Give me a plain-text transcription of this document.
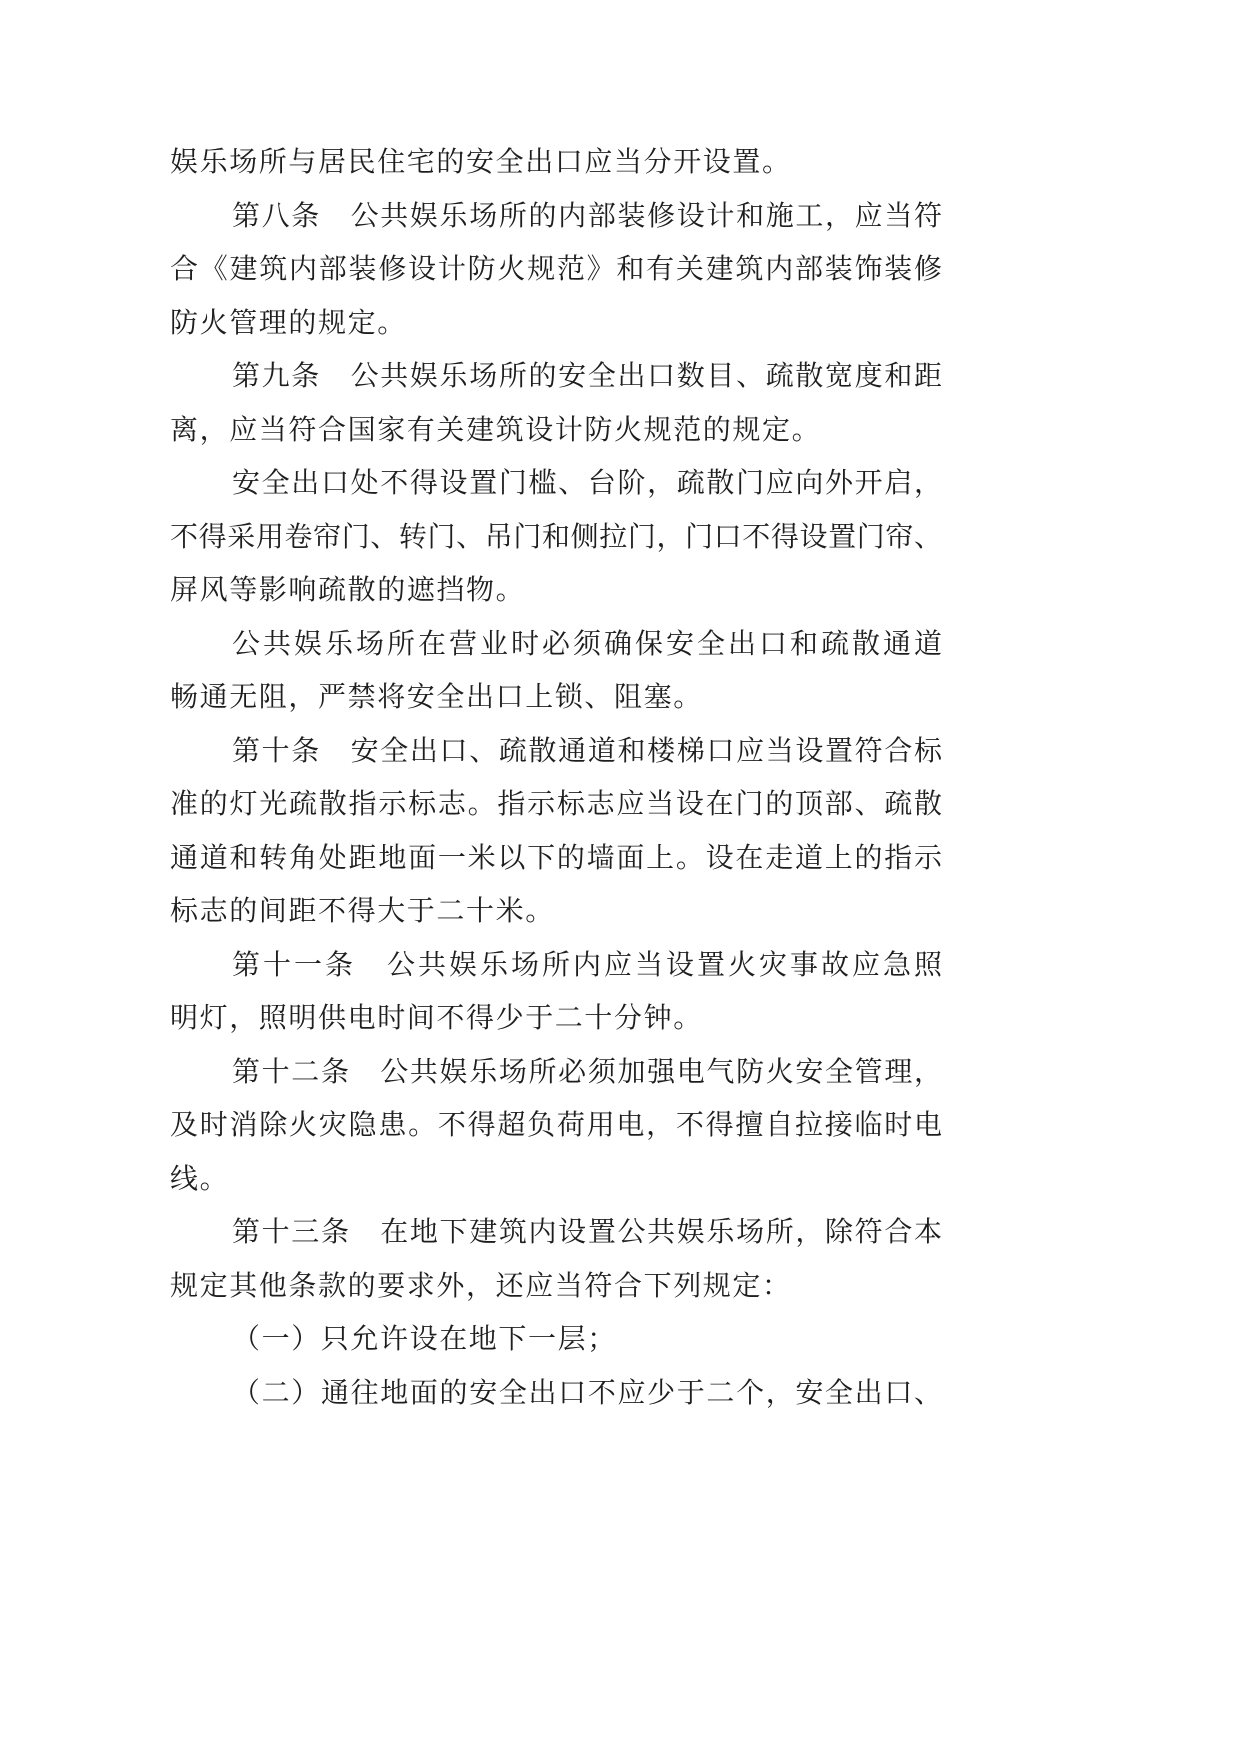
娱乐场所与居民住宅的安全出口应当分开设置。
第八条　公共娱乐场所的内部装修设计和施工，应当符
合《建筑内部装修设计防火规范》和有关建筑内部装饰装修
防火管理的规定。
第九条　公共娱乐场所的安全出口数目、疏散宽度和距
离，应当符合国家有关建筑设计防火规范的规定。
安全出口处不得设置门槛、台阶，疏散门应向外开启，
不得采用卷帘门、转门、吊门和侧拉门，门口不得设置门帘、
屏风等影响疏散的遮挡物。
公共娱乐场所在营业时必须确保安全出口和疏散通道
畅通无阻，严禁将安全出口上锁、阻塞。
第十条　安全出口、疏散通道和楼梯口应当设置符合标
准的灯光疏散指示标志。指示标志应当设在门的顶部、疏散
通道和转角处距地面一米以下的墙面上。设在走道上的指示
标志的间距不得大于二十米。
第十一条　公共娱乐场所内应当设置火灾事故应急照
明灯，照明供电时间不得少于二十分钟。
第十二条　公共娱乐场所必须加强电气防火安全管理，
及时消除火灾隐患。不得超负荷用电，不得擅自拉接临时电
线。
第十三条　在地下建筑内设置公共娱乐场所，除符合本
规定其他条款的要求外，还应当符合下列规定：
（一）只允许设在地下一层；
（二）通往地面的安全出口不应少于二个，安全出口、
